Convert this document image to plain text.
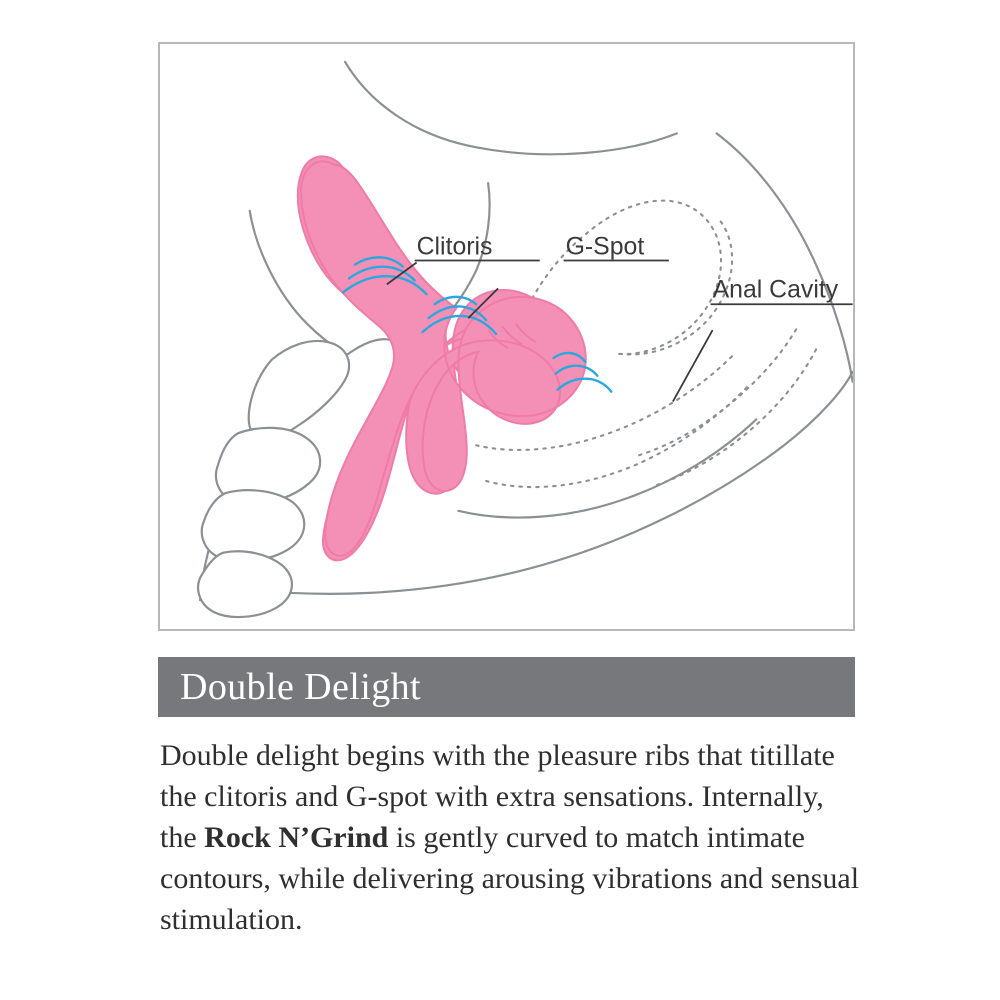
Clitoris	G-Spot
Anal Cavity
Double Delight

Double delight begins with the pleasure ribs that titillate the clitoris and G-spot with extra sensations. Internally, the Rock N’Grind is gently curved to match intimate contours, while delivering arousing vibrations and sensual stimulation.
